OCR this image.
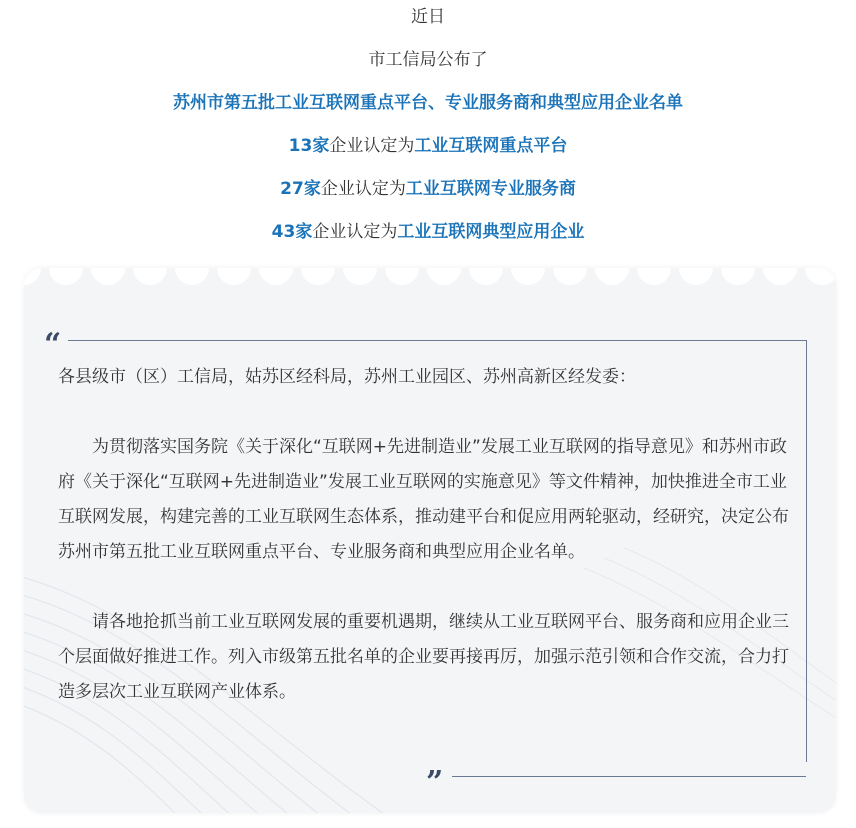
近日
市工信局公布了
苏州市第五批工业互联网重点平台、专业服务商和典型应用企业名单
13家企业认定为工业互联网重点平台
27家企业认定为工业互联网专业服务商
43家企业认定为工业互联网典型应用企业
“
”

各县级市（区）工信局，姑苏区经科局，苏州工业园区、苏州高新区经发委：

为贯彻落实国务院《关于深化“互联网+先进制造业”发展工业互联网的指导意见》和苏州市政府《关于深化“互联网+先进制造业”发展工业互联网的实施意见》等文件精神，加快推进全市工业互联网发展，构建完善的工业互联网生态体系，推动建平台和促应用两轮驱动，经研究，决定公布苏州市第五批工业互联网重点平台、专业服务商和典型应用企业名单。

请各地抢抓当前工业互联网发展的重要机遇期，继续从工业互联网平台、服务商和应用企业三个层面做好推进工作。列入市级第五批名单的企业要再接再厉，加强示范引领和合作交流，合力打造多层次工业互联网产业体系。
